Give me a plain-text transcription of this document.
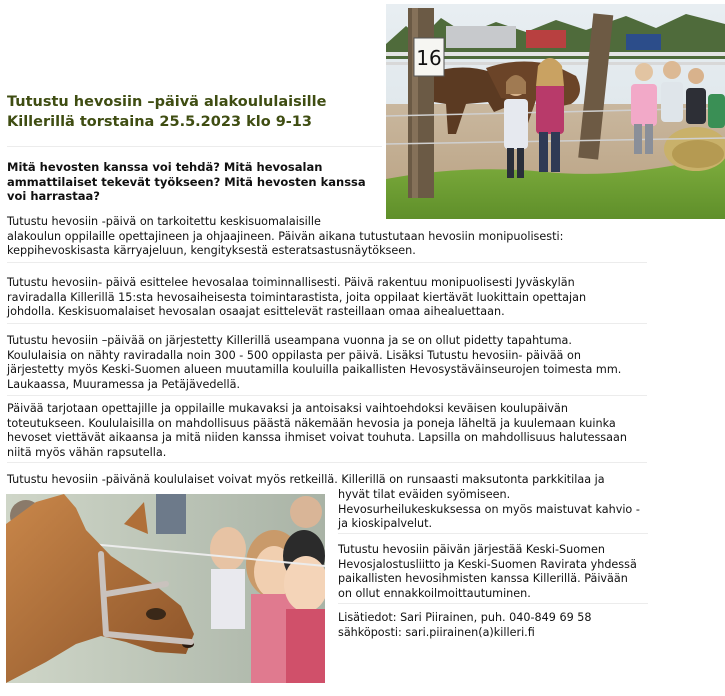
16
Tutustu hevosiin –päivä alakoululaisille
Killerillä torstaina 25.5.2023 klo 9-13

Mitä hevosten kanssa voi tehdä? Mitä hevosalan
ammattilaiset tekevät työkseen? Mitä hevosten kanssa
voi harrastaa?

Tutustu hevosiin -päivä on tarkoitettu keskisuomalaisille
alakoulun oppilaille opettajineen ja ohjaajineen. Päivän aikana tutustutaan hevosiin monipuolisesti:
keppihevoskisasta kärryajeluun, kengityksestä esteratsastusnäytökseen.

Tutustu hevosiin- päivä esittelee hevosalaa toiminnallisesti. Päivä rakentuu monipuolisesti Jyväskylän
raviradalla Killerillä 15:sta hevosaiheisesta toimintarastista, joita oppilaat kiertävät luokittain opettajan
johdolla. Keskisuomalaiset hevosalan osaajat esittelevät rasteillaan omaa aihealuettaan.

Tutustu hevosiin –päivää on järjestetty Killerillä useampana vuonna ja se on ollut pidetty tapahtuma.
Koululaisia on nähty raviradalla noin 300 - 500 oppilasta per päivä. Lisäksi Tutustu hevosiin- päivää on
järjestetty myös Keski-Suomen alueen muutamilla kouluilla paikallisten Hevosystäväinseurojen toimesta mm.
Laukaassa, Muuramessa ja Petäjävedellä.

Päivää tarjotaan opettajille ja oppilaille mukavaksi ja antoisaksi vaihtoehdoksi keväisen koulupäivän
toteutukseen. Koululaisilla on mahdollisuus päästä näkemään hevosia ja poneja läheltä ja kuulemaan kuinka
hevoset viettävät aikaansa ja mitä niiden kanssa ihmiset voivat touhuta. Lapsilla on mahdollisuus halutessaan
niitä myös vähän rapsutella.

Tutustu hevosiin -päivänä koululaiset voivat myös retkeillä. Killerillä on runsaasti maksutonta parkkitilaa ja

hyvät tilat eväiden syömiseen.
Hevosurheilukeskuksessa on myös maistuvat kahvio -
ja kioskipalvelut.

Tutustu hevosiin päivän järjestää Keski-Suomen
Hevosjalostusliitto ja Keski-Suomen Ravirata yhdessä
paikallisten hevosihmisten kanssa Killerillä. Päivään
on ollut ennakkoilmoittautuminen.

Lisätiedot: Sari Piirainen, puh. 040-849 69 58
sähköposti: sari.piirainen(a)killeri.fi
